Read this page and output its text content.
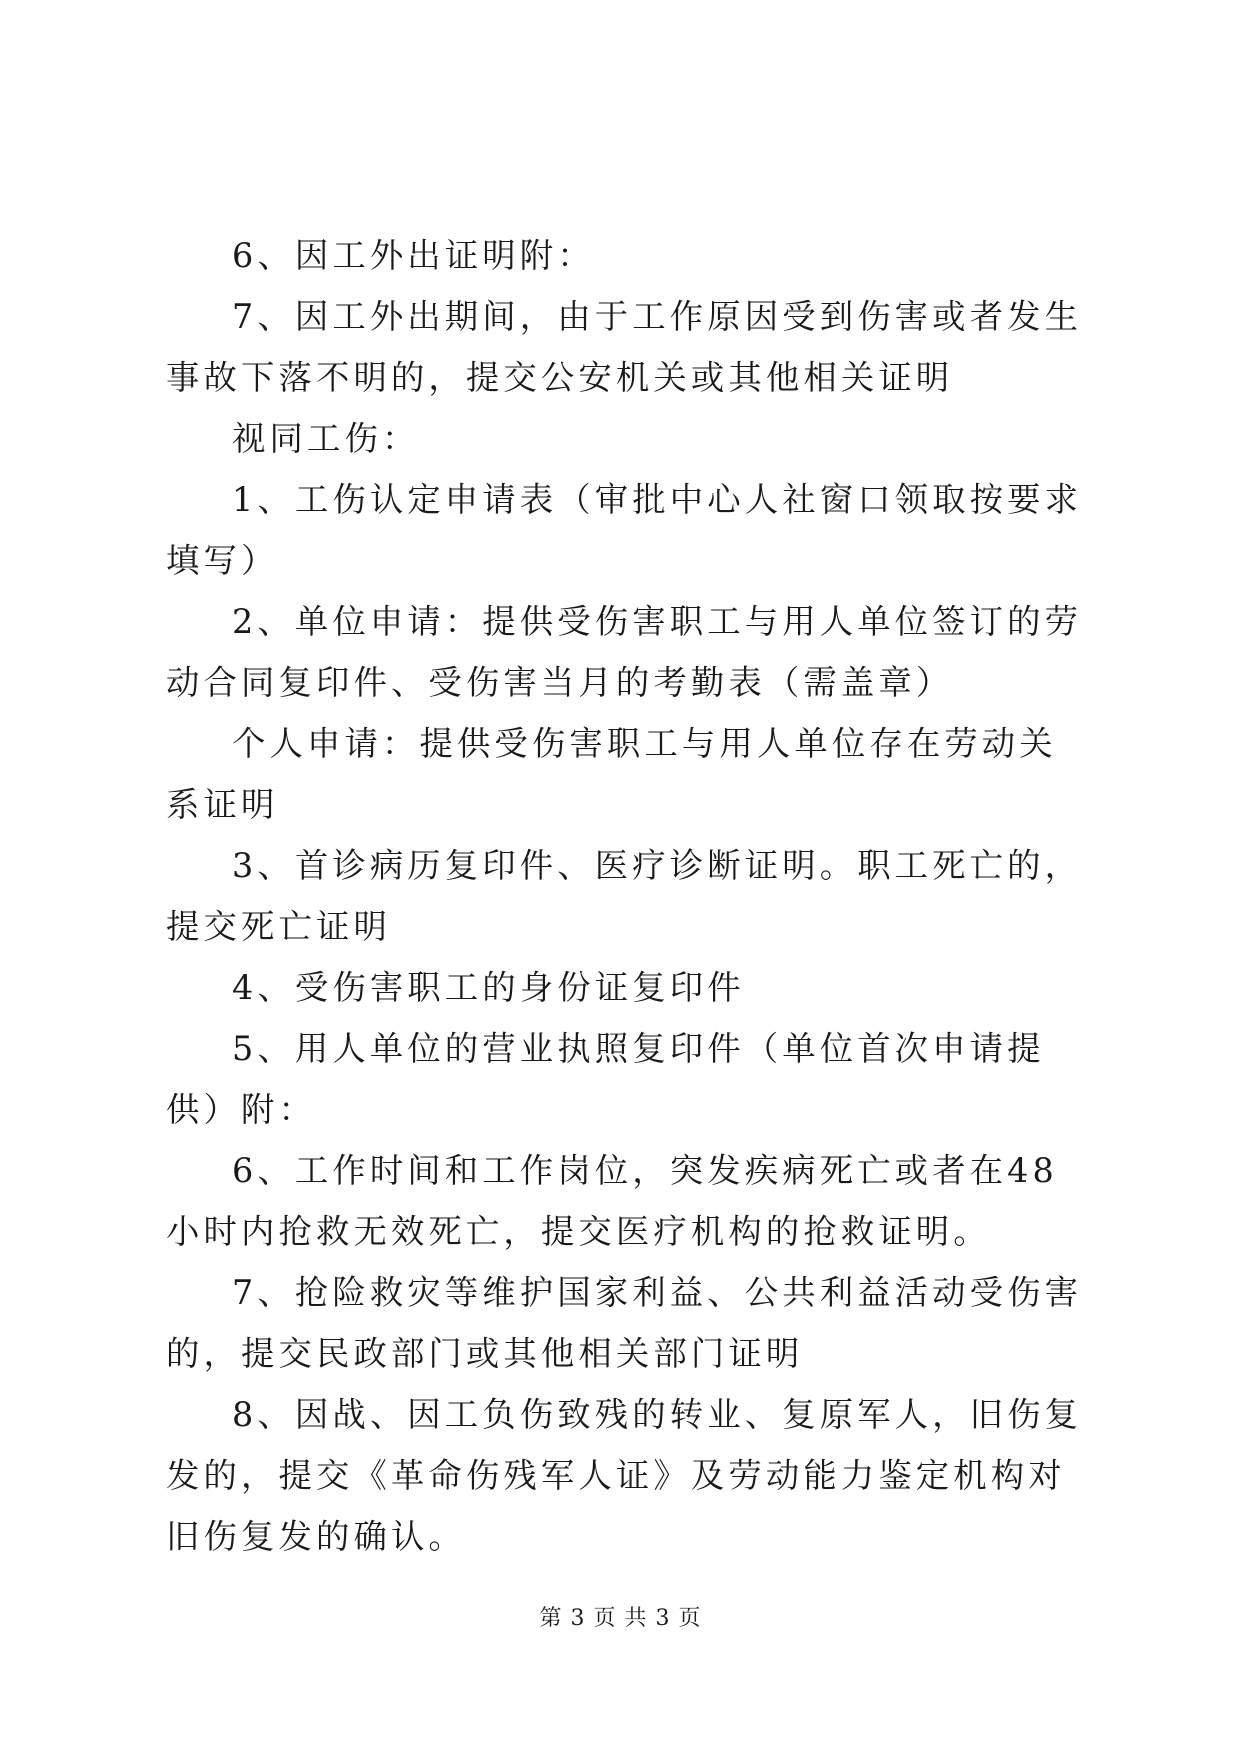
6、因工外出证明附：

7、因工外出期间，由于工作原因受到伤害或者发生事故下落不明的，提交公安机关或其他相关证明

视同工伤：

1、工伤认定申请表（审批中心人社窗口领取按要求填写）

2、单位申请：提供受伤害职工与用人单位签订的劳动合同复印件、受伤害当月的考勤表（需盖章）

个人申请：提供受伤害职工与用人单位存在劳动关系证明

3、首诊病历复印件、医疗诊断证明。职工死亡的，提交死亡证明

4、受伤害职工的身份证复印件

5、用人单位的营业执照复印件（单位首次申请提供）附：

6、工作时间和工作岗位，突发疾病死亡或者在48小时内抢救无效死亡，提交医疗机构的抢救证明。

7、抢险救灾等维护国家利益、公共利益活动受伤害的，提交民政部门或其他相关部门证明

8、因战、因工负伤致残的转业、复原军人，旧伤复发的，提交《革命伤残军人证》及劳动能力鉴定机构对旧伤复发的确认。

第 3 页 共 3 页
